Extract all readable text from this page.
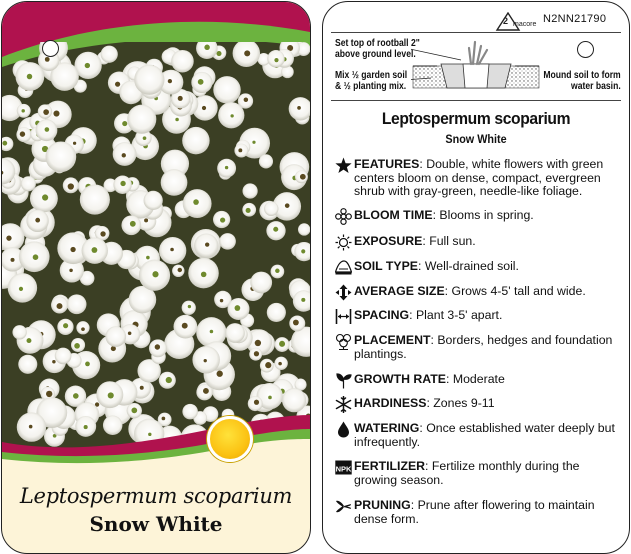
Leptospermum scoparium
Snow White
2 macore N2NN21790
Set top of rootball 2" above ground level.
Mix ½ garden soil & ½ planting mix.
Mound soil to form water basin.
Leptospermum scoparium
Snow White
FEATURES: Double, white flowers with green centers bloom on dense, compact, evergreen shrub with gray-green, needle-like foliage.
BLOOM TIME: Blooms in spring.
EXPOSURE: Full sun.
SOIL TYPE: Well-drained soil.
AVERAGE SIZE: Grows 4-5' tall and wide.
SPACING: Plant 3-5' apart.
PLACEMENT: Borders, hedges and foundation plantings.
GROWTH RATE: Moderate
HARDINESS: Zones 9-11
WATERING: Once established water deeply but infrequently.
NPK FERTILIZER: Fertilize monthly during the growing season.
PRUNING: Prune after flowering to maintain dense form.
